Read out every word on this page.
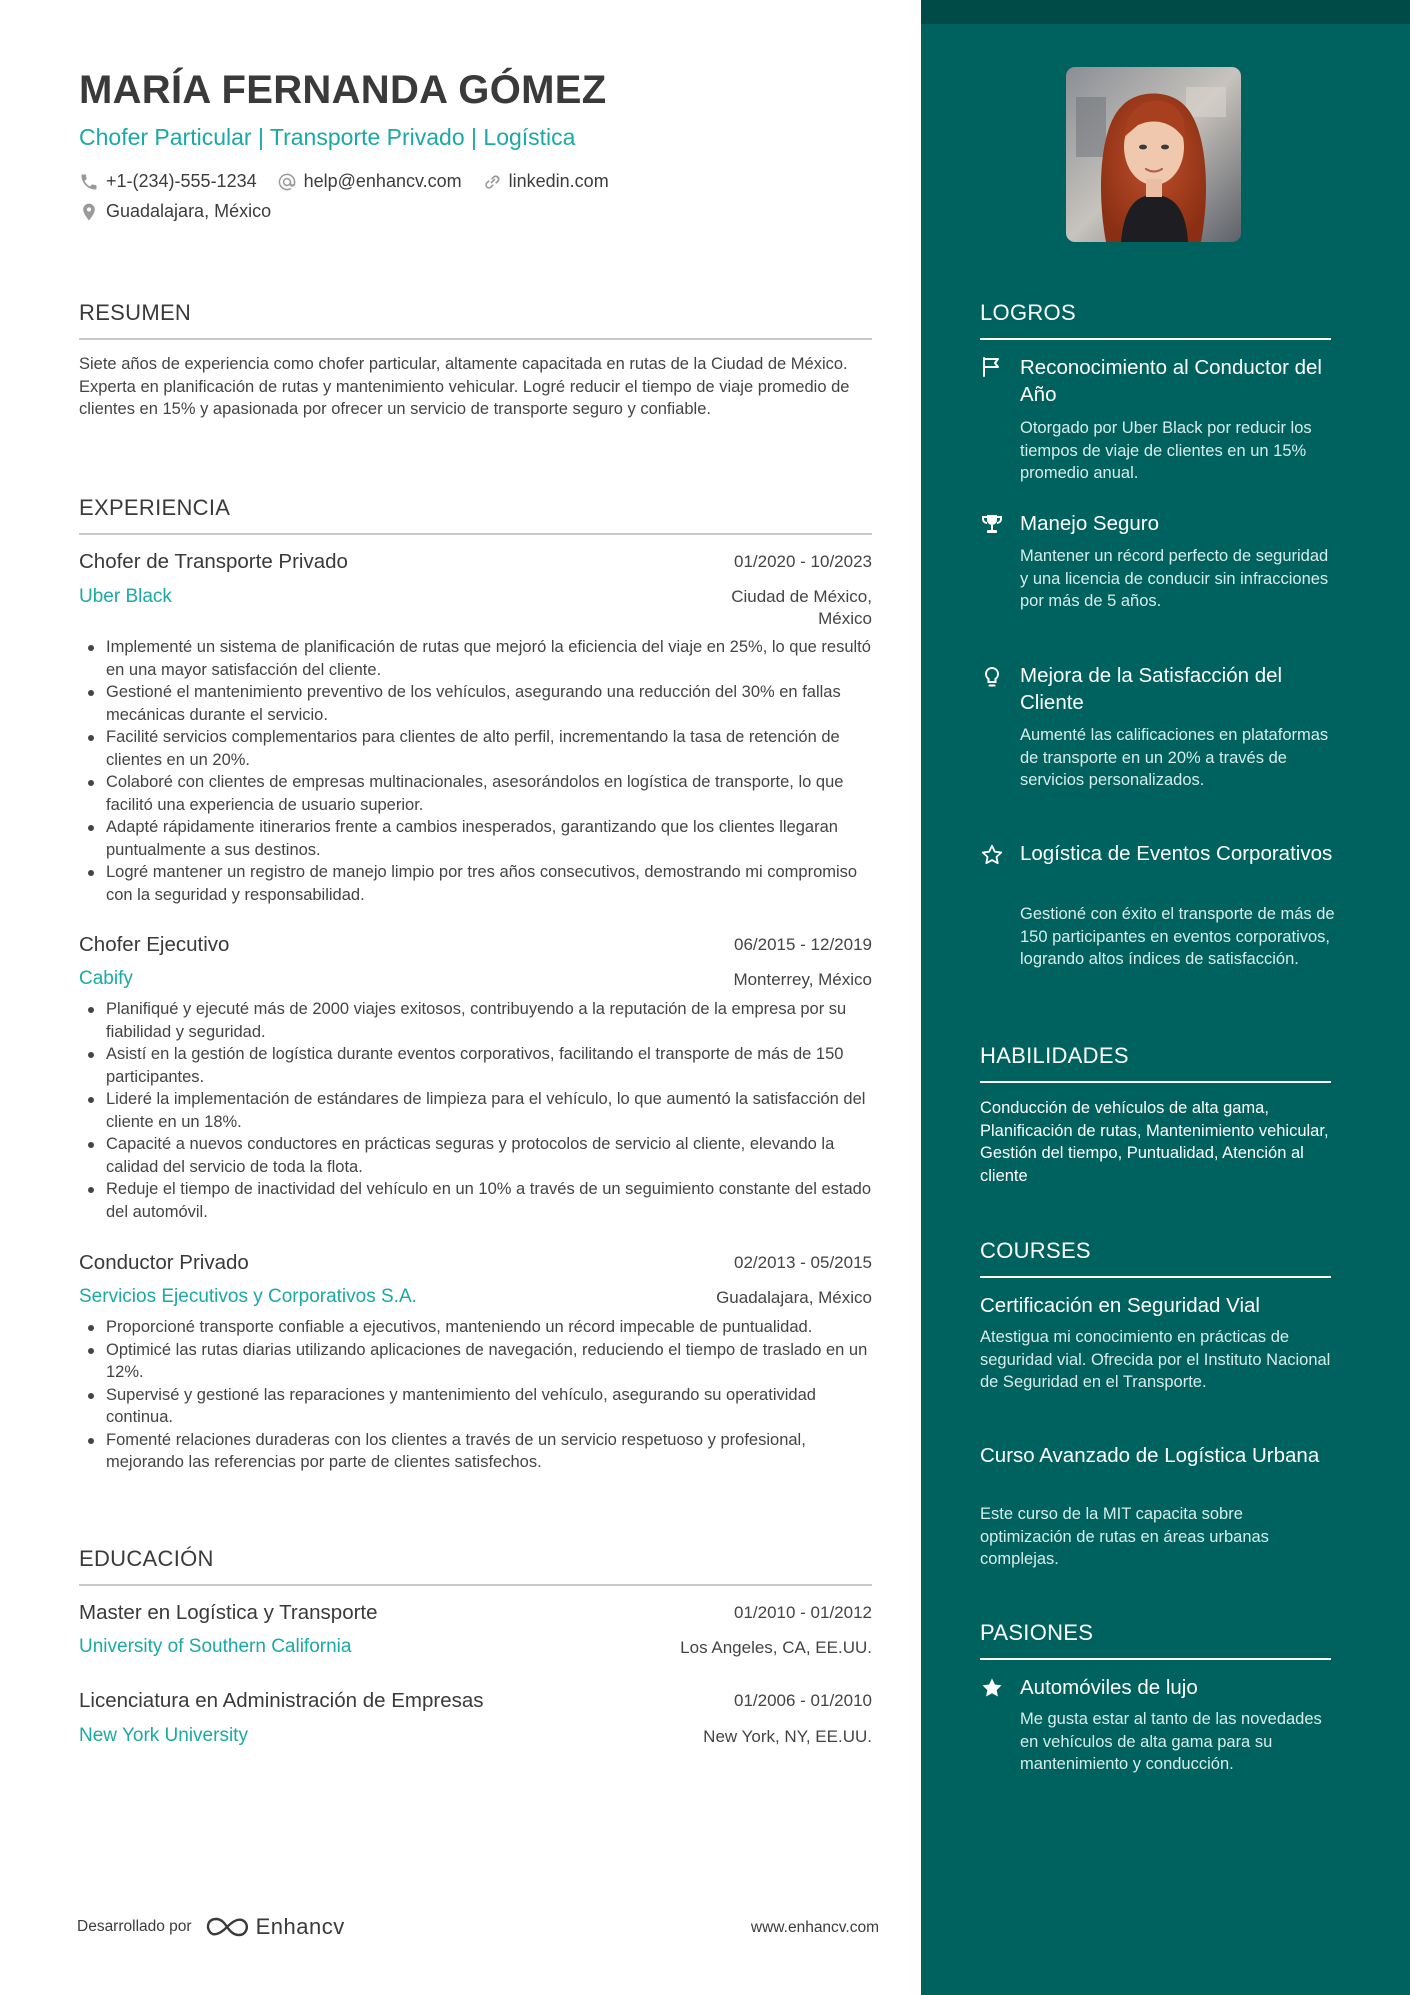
MARÍA FERNANDA GÓMEZ
Chofer Particular | Transporte Privado | Logística
+1-(234)-555-1234	help@enhancv.com	linkedin.com
Guadalajara, México
RESUMEN
Siete años de experiencia como chofer particular, altamente capacitada en rutas de la Ciudad de México. Experta en planificación de rutas y mantenimiento vehicular. Logré reducir el tiempo de viaje promedio de clientes en 15% y apasionada por ofrecer un servicio de transporte seguro y confiable.
EXPERIENCIA
Chofer de Transporte Privado	01/2020 - 10/2023
Uber Black	Ciudad de México,
México
Implementé un sistema de planificación de rutas que mejoró la eficiencia del viaje en 25%, lo que resultó en una mayor satisfacción del cliente.
Gestioné el mantenimiento preventivo de los vehículos, asegurando una reducción del 30% en fallas mecánicas durante el servicio.
Facilité servicios complementarios para clientes de alto perfil, incrementando la tasa de retención de clientes en un 20%.
Colaboré con clientes de empresas multinacionales, asesorándolos en logística de transporte, lo que facilitó una experiencia de usuario superior.
Adapté rápidamente itinerarios frente a cambios inesperados, garantizando que los clientes llegaran puntualmente a sus destinos.
Logré mantener un registro de manejo limpio por tres años consecutivos, demostrando mi compromiso con la seguridad y responsabilidad.
Chofer Ejecutivo	06/2015 - 12/2019
Cabify	Monterrey, México
Planifiqué y ejecuté más de 2000 viajes exitosos, contribuyendo a la reputación de la empresa por su fiabilidad y seguridad.
Asistí en la gestión de logística durante eventos corporativos, facilitando el transporte de más de 150 participantes.
Lideré la implementación de estándares de limpieza para el vehículo, lo que aumentó la satisfacción del cliente en un 18%.
Capacité a nuevos conductores en prácticas seguras y protocolos de servicio al cliente, elevando la calidad del servicio de toda la flota.
Reduje el tiempo de inactividad del vehículo en un 10% a través de un seguimiento constante del estado del automóvil.
Conductor Privado	02/2013 - 05/2015
Servicios Ejecutivos y Corporativos S.A.	Guadalajara, México
Proporcioné transporte confiable a ejecutivos, manteniendo un récord impecable de puntualidad.
Optimicé las rutas diarias utilizando aplicaciones de navegación, reduciendo el tiempo de traslado en un 12%.
Supervisé y gestioné las reparaciones y mantenimiento del vehículo, asegurando su operatividad continua.
Fomenté relaciones duraderas con los clientes a través de un servicio respetuoso y profesional, mejorando las referencias por parte de clientes satisfechos.
EDUCACIÓN
Master en Logística y Transporte	01/2010 - 01/2012
University of Southern California	Los Angeles, CA, EE.UU.
Licenciatura en Administración de Empresas	01/2006 - 01/2010
New York University	New York, NY, EE.UU.
Desarrollado por	Enhancv	www.enhancv.com
LOGROS
Reconocimiento al Conductor del Año
Otorgado por Uber Black por reducir los tiempos de viaje de clientes en un 15% promedio anual.
Manejo Seguro
Mantener un récord perfecto de seguridad y una licencia de conducir sin infracciones por más de 5 años.
Mejora de la Satisfacción del Cliente
Aumenté las calificaciones en plataformas de transporte en un 20% a través de servicios personalizados.
Logística de Eventos Corporativos
Gestioné con éxito el transporte de más de 150 participantes en eventos corporativos, logrando altos índices de satisfacción.
HABILIDADES
Conducción de vehículos de alta gama, Planificación de rutas, Mantenimiento vehicular, Gestión del tiempo, Puntualidad, Atención al cliente
COURSES
Certificación en Seguridad Vial
Atestigua mi conocimiento en prácticas de seguridad vial. Ofrecida por el Instituto Nacional de Seguridad en el Transporte.
Curso Avanzado de Logística Urbana
Este curso de la MIT capacita sobre optimización de rutas en áreas urbanas complejas.
PASIONES
Automóviles de lujo
Me gusta estar al tanto de las novedades en vehículos de alta gama para su mantenimiento y conducción.
